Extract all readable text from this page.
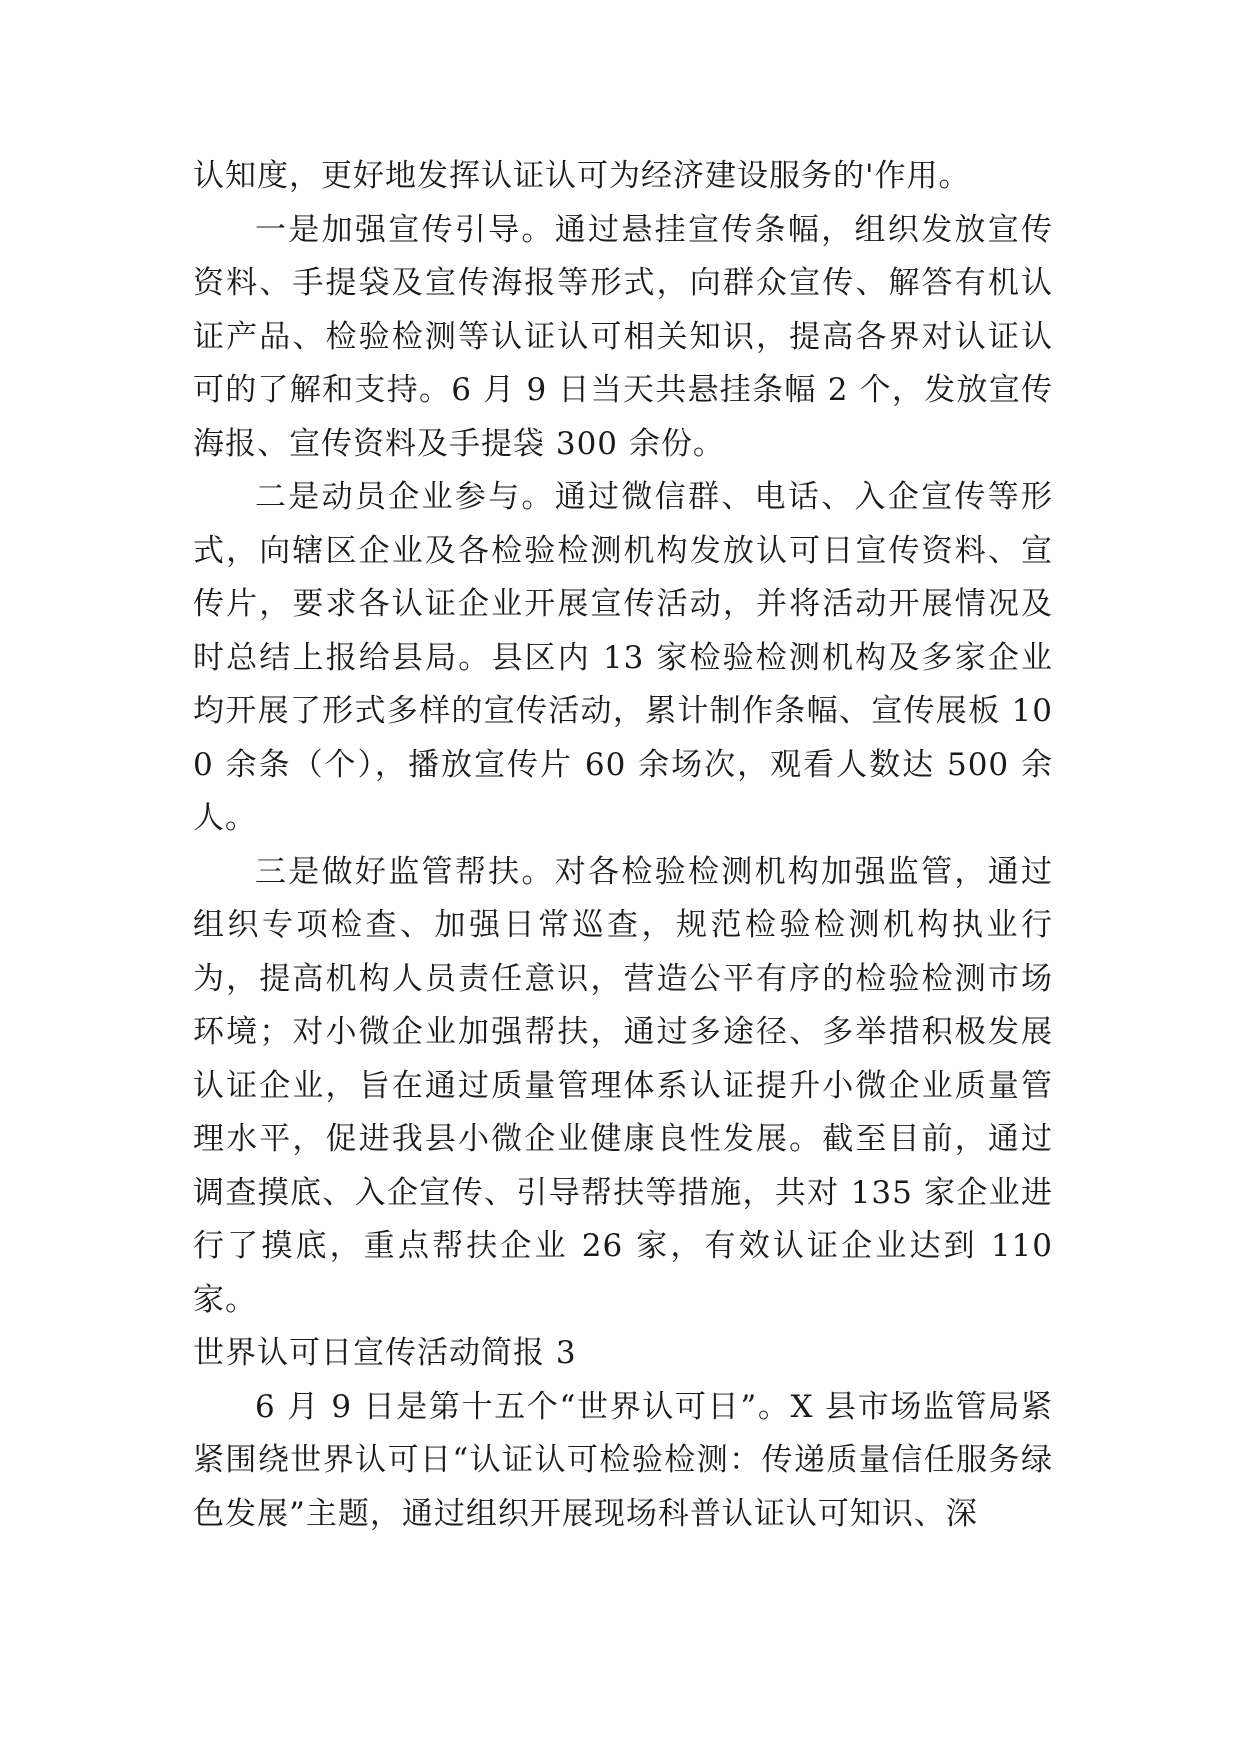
认知度，更好地发挥认证认可为经济建设服务的'作用。

一是加强宣传引导。通过悬挂宣传条幅，组织发放宣传资料、手提袋及宣传海报等形式，向群众宣传、解答有机认证产品、检验检测等认证认可相关知识，提高各界对认证认可的了解和支持。6 月 9 日当天共悬挂条幅 2 个，发放宣传海报、宣传资料及手提袋 300 余份。

二是动员企业参与。通过微信群、电话、入企宣传等形式，向辖区企业及各检验检测机构发放认可日宣传资料、宣传片，要求各认证企业开展宣传活动，并将活动开展情况及时总结上报给县局。县区内 13 家检验检测机构及多家企业均开展了形式多样的宣传活动，累计制作条幅、宣传展板 100 余条（个），播放宣传片 60 余场次，观看人数达 500 余人。

三是做好监管帮扶。对各检验检测机构加强监管，通过组织专项检查、加强日常巡查，规范检验检测机构执业行为，提高机构人员责任意识，营造公平有序的检验检测市场环境；对小微企业加强帮扶，通过多途径、多举措积极发展认证企业，旨在通过质量管理体系认证提升小微企业质量管理水平，促进我县小微企业健康良性发展。截至目前，通过调查摸底、入企宣传、引导帮扶等措施，共对 135 家企业进行了摸底，重点帮扶企业 26 家，有效认证企业达到 110 家。

世界认可日宣传活动简报 3

6 月 9 日是第十五个“世界认可日”。X 县市场监管局紧紧围绕世界认可日“认证认可检验检测：传递质量信任服务绿色发展”主题，通过组织开展现场科普认证认可知识、深
